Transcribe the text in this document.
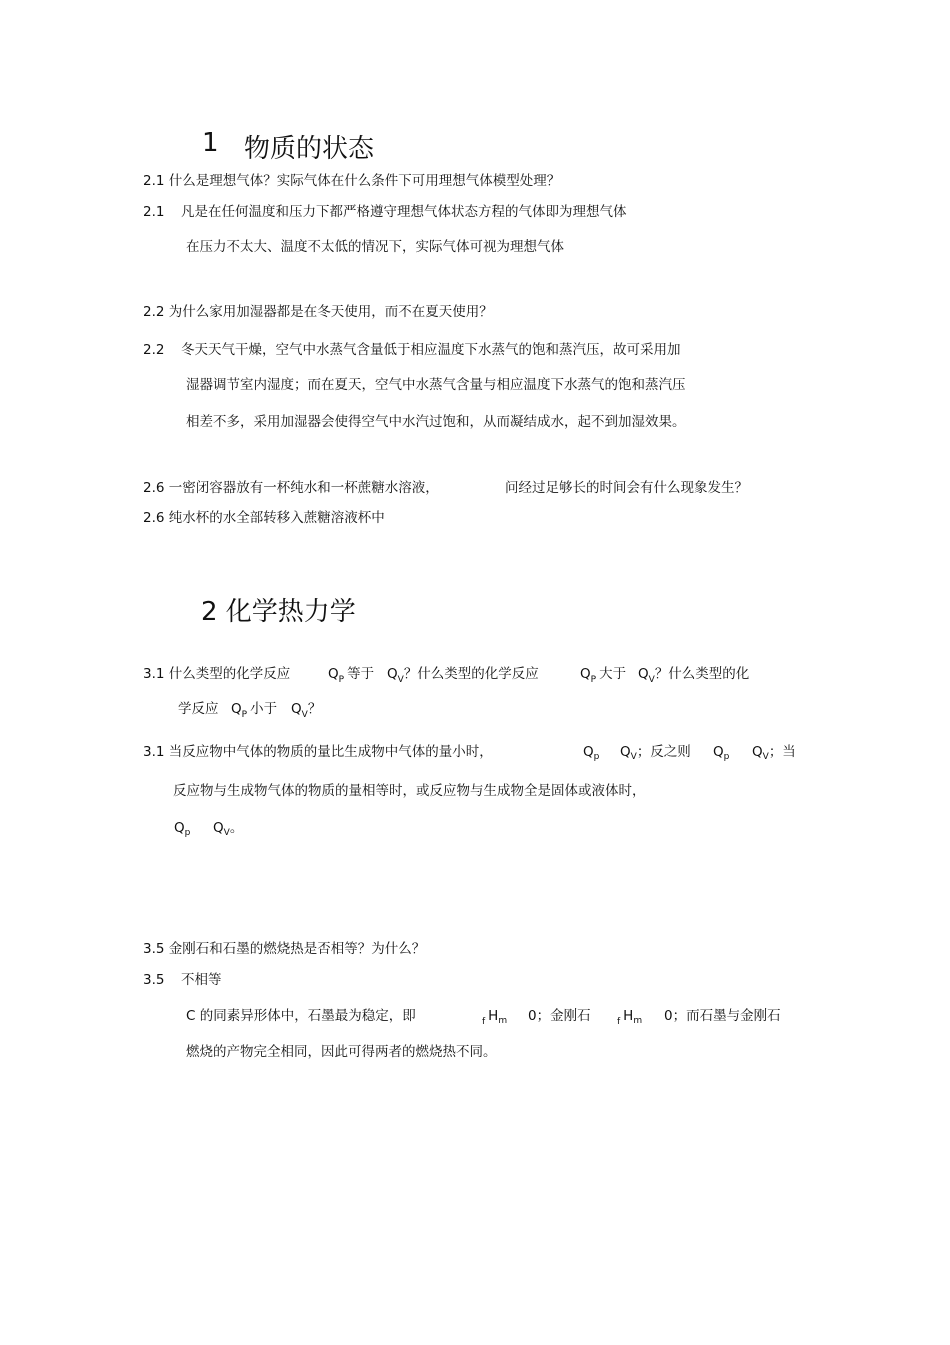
1 物质的状态
2.1 什么是理想气体？实际气体在什么条件下可用理想气体模型处理？
2.1 凡是在任何温度和压力下都严格遵守理想气体状态方程的气体即为理想气体
在压力不太大、温度不太低的情况下，实际气体可视为理想气体
2.2 为什么家用加湿器都是在冬天使用，而不在夏天使用？
2.2 冬天天气干燥，空气中水蒸气含量低于相应温度下水蒸气的饱和蒸汽压，故可采用加
湿器调节室内湿度；而在夏天，空气中水蒸气含量与相应温度下水蒸气的饱和蒸汽压
相差不多，采用加湿器会使得空气中水汽过饱和，从而凝结成水，起不到加湿效果。
2.6 一密闭容器放有一杯纯水和一杯蔗糖水溶液，	问经过足够长的时间会有什么现象发生？
2.6 纯水杯的水全部转移入蔗糖溶液杯中
2 化学热力学
3.1 什么类型的化学反应	$Q_P$ 等于 $Q_V$？什么类型的化学反应	$Q_P$ 大于 $Q_V$？什么类型的化
学反应 $Q_P$ 小于 $Q_V$？
3.1 当反应物中气体的物质的量比生成物中气体的量小时，	$Q_p$ $Q_V$；反之则 $Q_p$ $Q_V$；当
反应物与生成物气体的物质的量相等时，或反应物与生成物全是固体或液体时，
$Q_p$ $Q_V$。
3.5 金刚石和石墨的燃烧热是否相等？为什么？
3.5 不相等
C 的同素异形体中，石墨最为稳定，即	$_f$ $H_m$ 0；金刚石	$_f$ $H_m$ 0；而石墨与金刚石
燃烧的产物完全相同，因此可得两者的燃烧热不同。
